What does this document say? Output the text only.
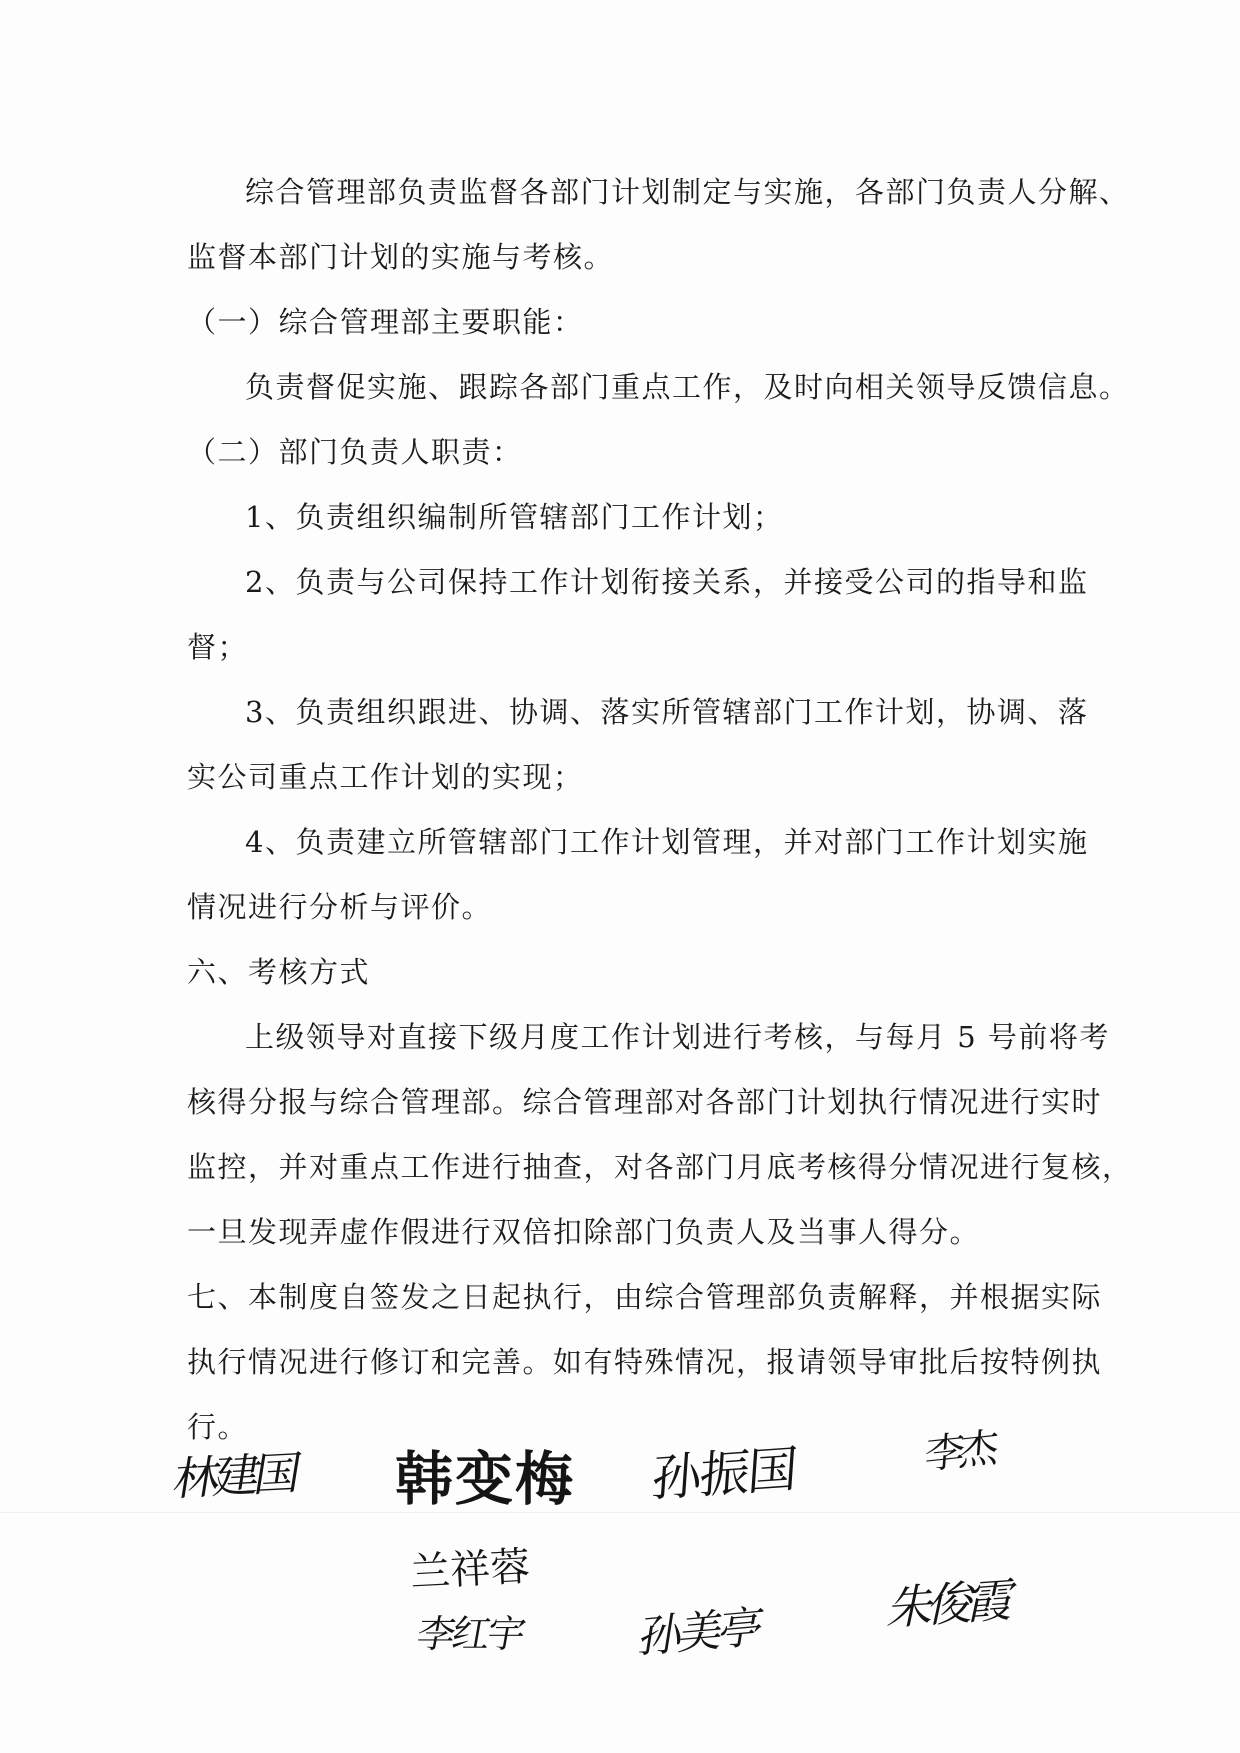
综合管理部负责监督各部门计划制定与实施，各部门负责人分解、
监督本部门计划的实施与考核。
（一）综合管理部主要职能：
负责督促实施、跟踪各部门重点工作，及时向相关领导反馈信息。
（二）部门负责人职责：
1、负责组织编制所管辖部门工作计划；
2、负责与公司保持工作计划衔接关系，并接受公司的指导和监
督；
3、负责组织跟进、协调、落实所管辖部门工作计划，协调、落
实公司重点工作计划的实现；
4、负责建立所管辖部门工作计划管理，并对部门工作计划实施
情况进行分析与评价。
六、考核方式
上级领导对直接下级月度工作计划进行考核，与每月 5 号前将考
核得分报与综合管理部。综合管理部对各部门计划执行情况进行实时
监控，并对重点工作进行抽查，对各部门月底考核得分情况进行复核，
一旦发现弄虚作假进行双倍扣除部门负责人及当事人得分。
七、本制度自签发之日起执行，由综合管理部负责解释，并根据实际
执行情况进行修订和完善。如有特殊情况，报请领导审批后按特例执
行。
林建国 韩变梅 孙振国	李杰
兰祥蓉
李红宇 孙美亭	朱俊霞
